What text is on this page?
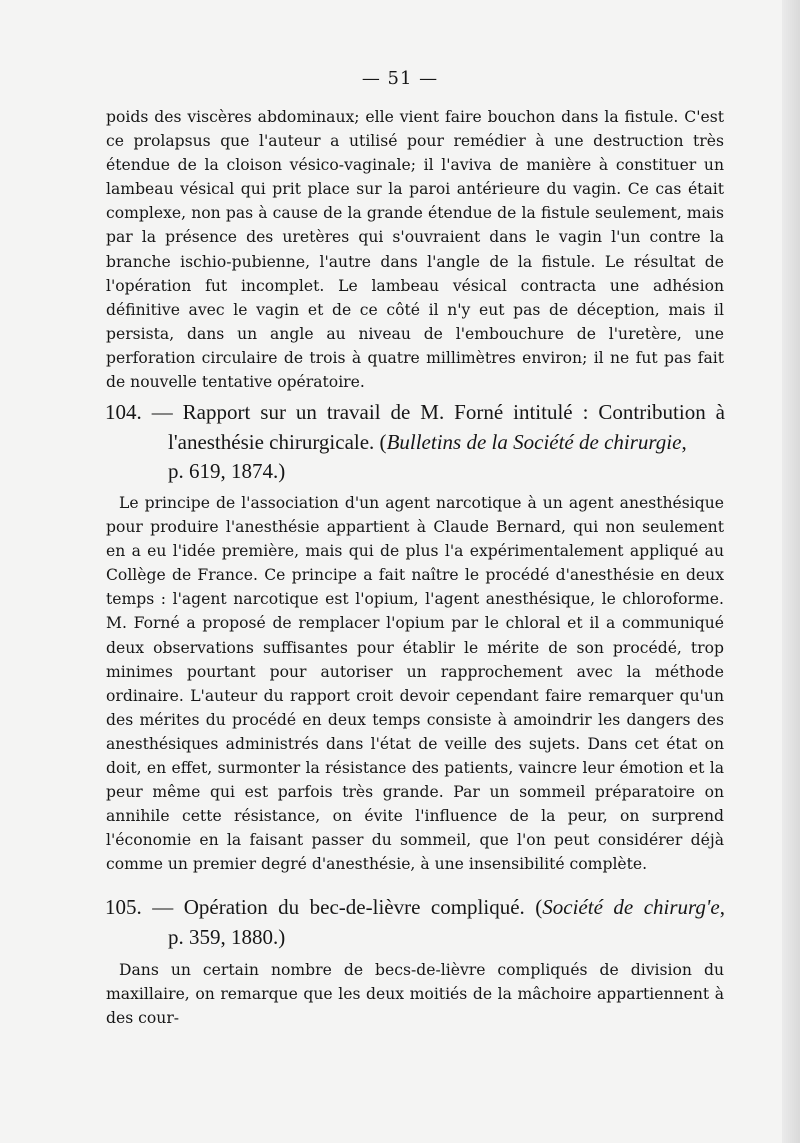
— 51 —

poids des viscères abdominaux; elle vient faire bouchon dans la fistule. C'est ce prolapsus que l'auteur a utilisé pour remédier à une destruction très étendue de la cloison vésico-vaginale; il l'aviva de manière à constituer un lambeau vésical qui prit place sur la paroi antérieure du vagin. Ce cas était complexe, non pas à cause de la grande étendue de la fistule seulement, mais par la présence des uretères qui s'ouvraient dans le vagin l'un contre la branche ischio-pubienne, l'autre dans l'angle de la fistule. Le résultat de l'opération fut incomplet. Le lambeau vésical contracta une adhésion définitive avec le vagin et de ce côté il n'y eut pas de déception, mais il persista, dans un angle au niveau de l'embouchure de l'uretère, une perforation circulaire de trois à quatre millimètres environ; il ne fut pas fait de nouvelle tentative opératoire.

104. — Rapport sur un travail de M. Forné intitulé : Contribution à
l'anesthésie chirurgicale. (Bulletins de la Société de chirurgie,
p. 619, 1874.)

Le principe de l'association d'un agent narcotique à un agent anesthésique pour produire l'anesthésie appartient à Claude Bernard, qui non seulement en a eu l'idée première, mais qui de plus l'a expérimentalement appliqué au Collège de France. Ce principe a fait naître le procédé d'anesthésie en deux temps : l'agent narcotique est l'opium, l'agent anesthésique, le chloroforme. M. Forné a proposé de remplacer l'opium par le chloral et il a communiqué deux observations suffisantes pour établir le mérite de son procédé, trop minimes pourtant pour autoriser un rapprochement avec la méthode ordinaire. L'auteur du rapport croit devoir cependant faire remarquer qu'un des mérites du procédé en deux temps consiste à amoindrir les dangers des anesthésiques administrés dans l'état de veille des sujets. Dans cet état on doit, en effet, surmonter la résistance des patients, vaincre leur émotion et la peur même qui est parfois très grande. Par un sommeil préparatoire on annihile cette résistance, on évite l'influence de la peur, on surprend l'économie en la faisant passer du sommeil, que l'on peut considérer déjà comme un premier degré d'anesthésie, à une insensibilité complète.

105. — Opération du bec-de-lièvre compliqué. (Société de chirurg'e,
p. 359, 1880.)

Dans un certain nombre de becs-de-lièvre compliqués de division du maxillaire, on remarque que les deux moitiés de la mâchoire appartiennent à des cour-
